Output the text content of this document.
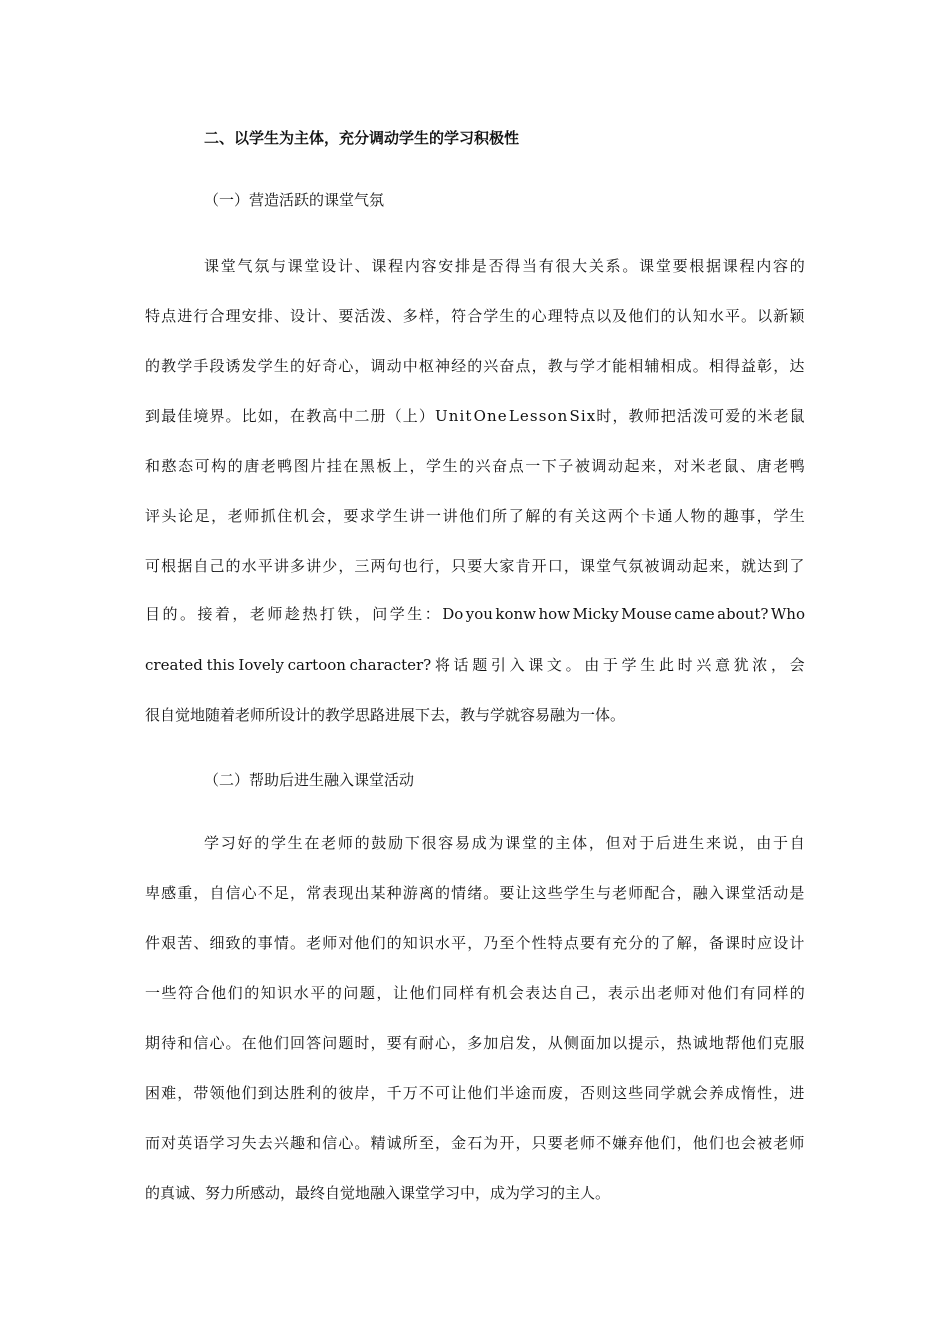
二、以学生为主体，充分调动学生的学习积极性
（一）营造活跃的课堂气氛
课 堂 气 氛 与 课 堂 设 计 、 课 程 内 容 安 排 是 否 得 当 有 很 大 关 系 。 课 堂 要 根 据 课 程 内 容 的
特 点 进 行 合 理 安 排 、 设 计 、 要 活 泼 、 多 样 ， 符 合 学 生 的 心 理 特 点 以 及 他 们 的 认 知 水 平 。 以 新 颖
的 教 学 手 段 诱 发 学 生 的 好 奇 心 ， 调 动 中 枢 神 经 的 兴 奋 点 ， 教 与 学 才 能 相 辅 相 成 。 相 得 益 彰 ， 达
到 最 佳 境 界 。 比 如 ， 在 教 高 中 二 册 （ 上 ） U n i t O n e L e s s o n S i x 时 ， 教 师 把 活 泼 可 爱 的 米 老 鼠
和 憨 态 可 构 的 唐 老 鸭 图 片 挂 在 黑 板 上 ， 学 生 的 兴 奋 点 一 下 子 被 调 动 起 来 ， 对 米 老 鼠 、 唐 老 鸭
评 头 论 足 ， 老 师 抓 住 机 会 ， 要 求 学 生 讲 一 讲 他 们 所 了 解 的 有 关 这 两 个 卡 通 人 物 的 趣 事 ， 学 生
可 根 据 自 己 的 水 平 讲 多 讲 少 ， 三 两 句 也 行 ， 只 要 大 家 肯 开 口 ， 课 堂 气 氛 被 调 动 起 来 ， 就 达 到 了
目 的 。 接 着 ， 老 师 趁 热 打 铁 ， 问 学 生 ： Do you konw how Micky Mouse came about? Who
created this Iovely cartoon character? 将 话 题 引 入 课 文 。 由 于 学 生 此 时 兴 意 犹 浓 ， 会
很自觉地随着老师所设计的教学思路进展下去，教与学就容易融为一体。
（二）帮助后进生融入课堂活动
学 习 好 的 学 生 在 老 师 的 鼓 励 下 很 容 易 成 为 课 堂 的 主 体 ， 但 对 于 后 进 生 来 说 ， 由 于 自
卑 感 重 ， 自 信 心 不 足 ， 常 表 现 出 某 种 游 离 的 情 绪 。 要 让 这 些 学 生 与 老 师 配 合 ， 融 入 课 堂 活 动 是
件 艰 苦 、 细 致 的 事 情 。 老 师 对 他 们 的 知 识 水 平 ， 乃 至 个 性 特 点 要 有 充 分 的 了 解 ， 备 课 时 应 设 计
一 些 符 合 他 们 的 知 识 水 平 的 问 题 ， 让 他 们 同 样 有 机 会 表 达 自 己 ， 表 示 出 老 师 对 他 们 有 同 样 的
期 待 和 信 心 。 在 他 们 回 答 问 题 时 ， 要 有 耐 心 ， 多 加 启 发 ， 从 侧 面 加 以 提 示 ， 热 诚 地 帮 他 们 克 服
困 难 ， 带 领 他 们 到 达 胜 利 的 彼 岸 ， 千 万 不 可 让 他 们 半 途 而 废 ， 否 则 这 些 同 学 就 会 养 成 惰 性 ， 进
而 对 英 语 学 习 失 去 兴 趣 和 信 心 。 精 诚 所 至 ， 金 石 为 开 ， 只 要 老 师 不 嫌 弃 他 们 ， 他 们 也 会 被 老 师
的真诚、努力所感动，最终自觉地融入课堂学习中，成为学习的主人。
